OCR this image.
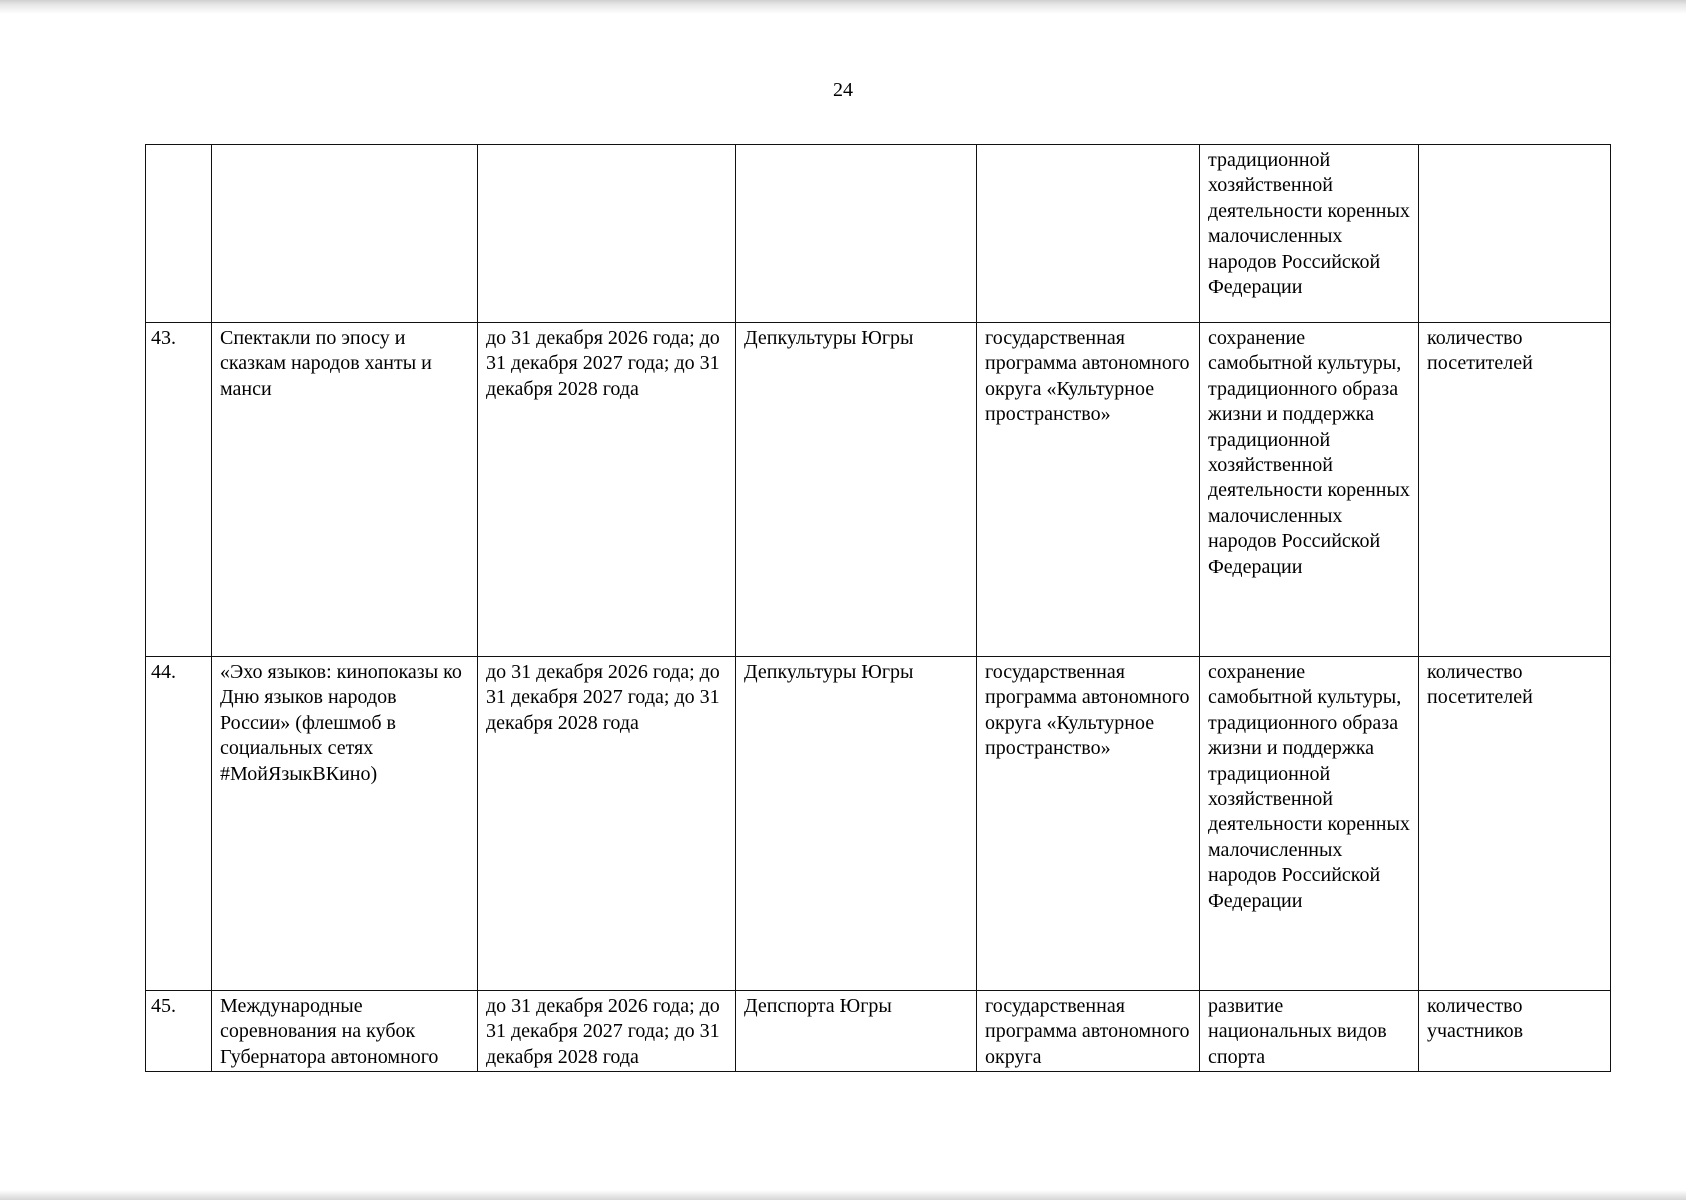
24

					традиционной хозяйственной деятельности коренных малочисленных народов Российской Федерации	

43.	Спектакли по эпосу и сказкам народов ханты и манси	до 31 декабря 2026 года; до 31 декабря 2027 года; до 31 декабря 2028 года	Депкультуры Югры	государственная программа автономного округа «Культурное пространство»	сохранение самобытной культуры, традиционного образа жизни и поддержка традиционной хозяйственной деятельности коренных малочисленных народов Российской Федерации	количество посетителей

44.	«Эхо языков: кинопоказы ко Дню языков народов России» (флешмоб в социальных сетях #МойЯзыкВКино)	до 31 декабря 2026 года; до 31 декабря 2027 года; до 31 декабря 2028 года	Депкультуры Югры	государственная программа автономного округа «Культурное пространство»	сохранение самобытной культуры, традиционного образа жизни и поддержка традиционной хозяйственной деятельности коренных малочисленных народов Российской Федерации	количество посетителей

45.	Международные соревнования на кубок Губернатора автономного	до 31 декабря 2026 года; до 31 декабря 2027 года; до 31 декабря 2028 года	Депспорта Югры	государственная программа автономного округа	развитие национальных видов спорта	количество участников
